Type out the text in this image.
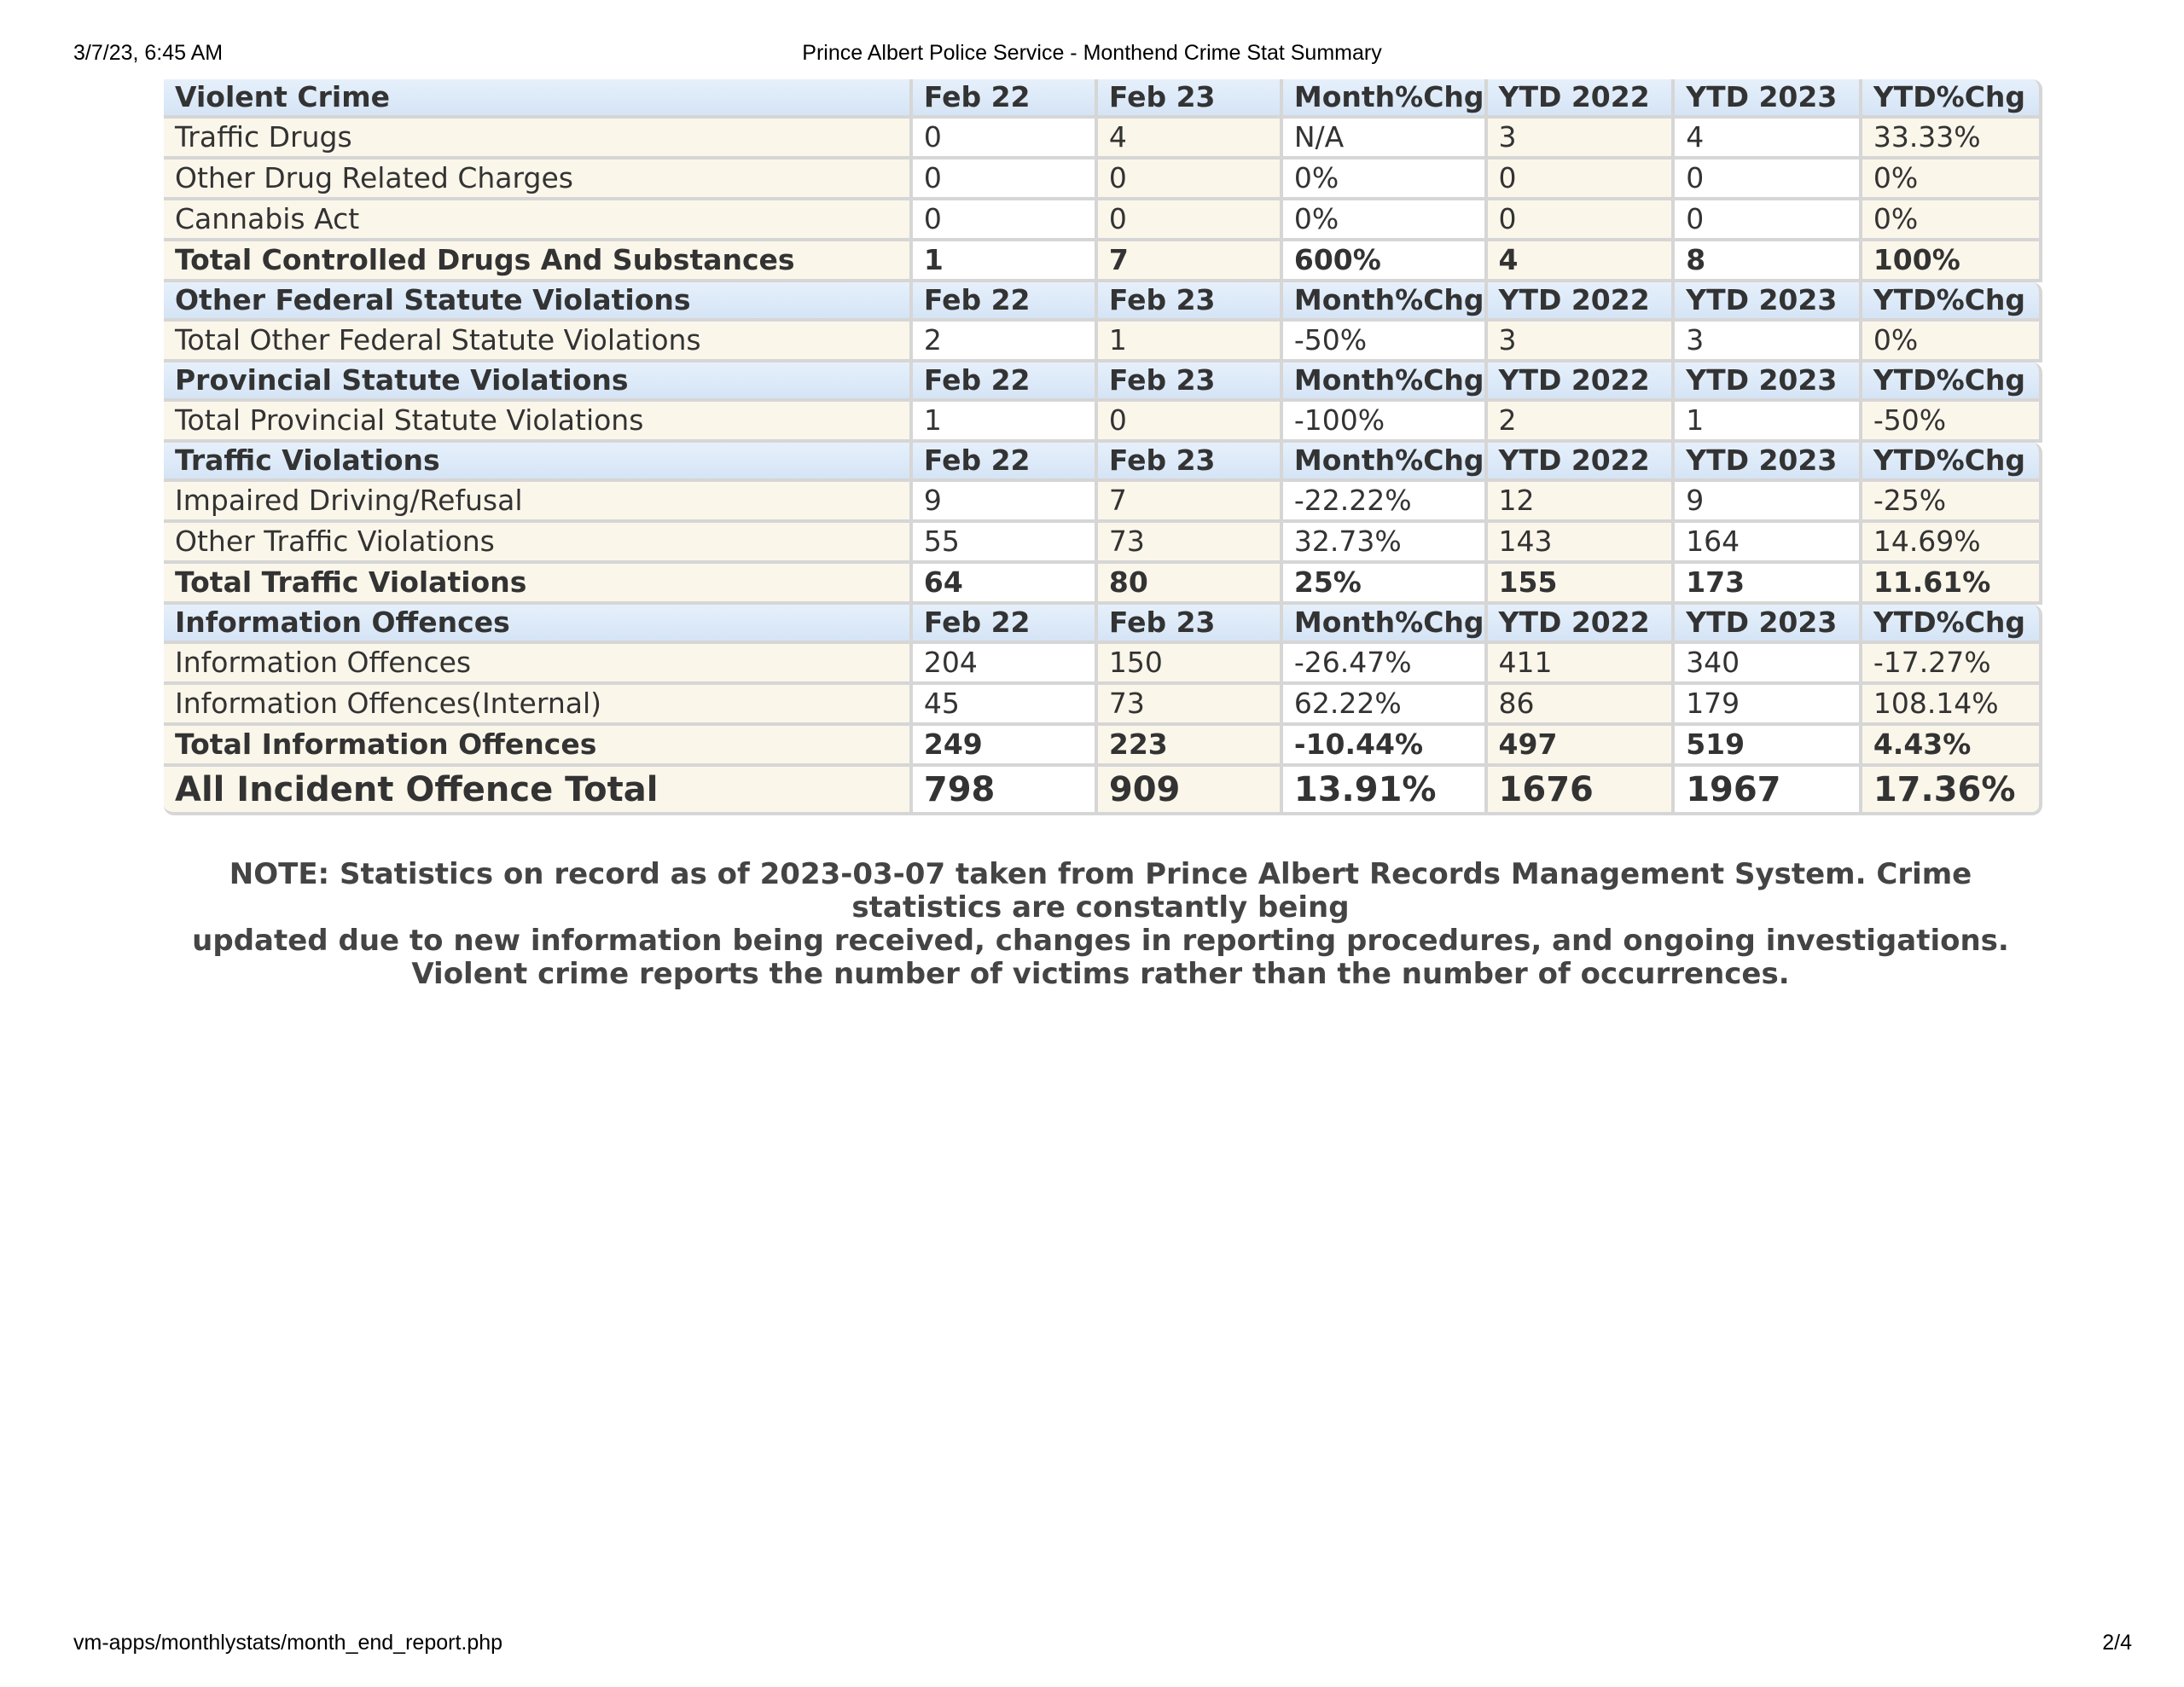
3/7/23, 6:45 AM	Prince Albert Police Service - Monthend Crime Stat Summary
Violent Crime	Feb 22	Feb 23	Month%Chg	YTD 2022	YTD 2023	YTD%Chg
Traffic Drugs	0	4	N/A	3	4	33.33%
Other Drug Related Charges	0	0	0%	0	0	0%
Cannabis Act	0	0	0%	0	0	0%
Total Controlled Drugs And Substances	1	7	600%	4	8	100%
Other Federal Statute Violations	Feb 22	Feb 23	Month%Chg	YTD 2022	YTD 2023	YTD%Chg
Total Other Federal Statute Violations	2	1	-50%	3	3	0%
Provincial Statute Violations	Feb 22	Feb 23	Month%Chg	YTD 2022	YTD 2023	YTD%Chg
Total Provincial Statute Violations	1	0	-100%	2	1	-50%
Traffic Violations	Feb 22	Feb 23	Month%Chg	YTD 2022	YTD 2023	YTD%Chg
Impaired Driving/Refusal	9	7	-22.22%	12	9	-25%
Other Traffic Violations	55	73	32.73%	143	164	14.69%
Total Traffic Violations	64	80	25%	155	173	11.61%
Information Offences	Feb 22	Feb 23	Month%Chg	YTD 2022	YTD 2023	YTD%Chg
Information Offences	204	150	-26.47%	411	340	-17.27%
Information Offences(Internal)	45	73	62.22%	86	179	108.14%
Total Information Offences	249	223	-10.44%	497	519	4.43%
All Incident Offence Total	798	909	13.91%	1676	1967	17.36%

NOTE: Statistics on record as of 2023-03-07 taken from Prince Albert Records Management System. Crime statistics are constantly being

updated due to new information being received, changes in reporting procedures, and ongoing investigations.

Violent crime reports the number of victims rather than the number of occurrences.

vm-apps/monthlystats/month_end_report.php	2/4
